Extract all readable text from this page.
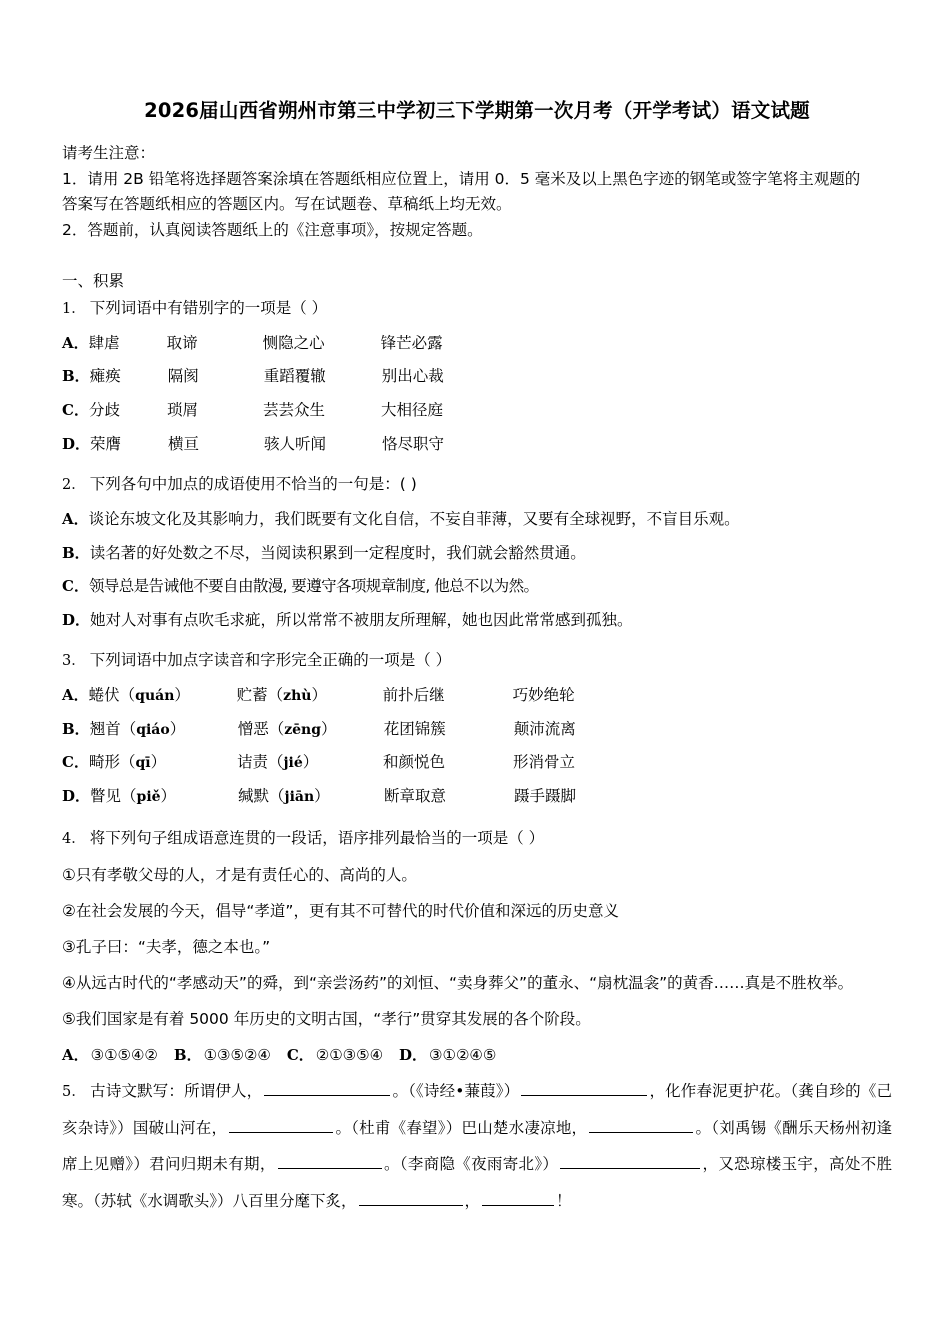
2026届山西省朔州市第三中学初三下学期第一次月考（开学考试）语文试题

请考生注意：

1．请用 2B 铅笔将选择题答案涂填在答题纸相应位置上，请用 0．5 毫米及以上黑色字迹的钢笔或签字笔将主观题的

答案写在答题纸相应的答题区内。写在试题卷、草稿纸上均无效。

2．答题前，认真阅读答题纸上的《注意事项》，按规定答题。

一、积累

1． 下列词语中有错别字的一项是（ ）

A．肆虐	取谛	恻隐之心	锋芒必露

B．瘫痪	隔阂	重蹈覆辙	别出心裁

C．分歧	琐屑	芸芸众生	大相径庭

D．荣膺	横亘	骇人听闻	恪尽职守

2． 下列各句中加点的成语使用不恰当的一句是：( )

A．谈论东坡文化及其影响力，我们既要有文化自信，不妄自菲薄，又要有全球视野，不盲目乐观。

B．读名著的好处数之不尽，当阅读积累到一定程度时，我们就会豁然贯通。

C．领导总是告诫他不要自由散漫, 要遵守各项规章制度, 他总不以为然。

D．她对人对事有点吹毛求疵，所以常常不被朋友所理解，她也因此常常感到孤独。

3． 下列词语中加点字读音和字形完全正确的一项是（ ）

A．蜷伏（quán）	贮蓄（zhù）	前扑后继	巧妙绝轮

B．翘首（qiáo）	憎恶（zēng）	花团锦簇	颠沛流离

C．畸形（qī）	诘责（jié）	和颜悦色	形消骨立

D．瞥见（piě）	缄默（jiān）	断章取意	蹑手蹑脚

4． 将下列句子组成语意连贯的一段话，语序排列最恰当的一项是（ ）

①只有孝敬父母的人，才是有责任心的、高尚的人。

②在社会发展的今天，倡导“孝道”，更有其不可替代的时代价值和深远的历史意义

③孔子曰：“夫孝，德之本也。”

④从远古时代的“孝感动天”的舜，到“亲尝汤药”的刘恒、“卖身葬父”的董永、“扇枕温衾”的黄香……真是不胜枚举。

⑤我们国家是有着 5000 年历史的文明古国，“孝行”贯穿其发展的各个阶段。

A． ③①⑤④② B． ①③⑤②④ C． ②①③⑤④ D． ③①②④⑤

5． 古诗文默写：所谓伊人，	。（《诗经•蒹葭》）	，化作春泥更护花。（龚自珍的《己亥杂诗》）国破山河在，	。（杜甫《春望》）巴山楚水凄凉地，	。（刘禹锡《酬乐天杨州初逢席上见赠》）君问归期未有期，	。（李商隐《夜雨寄北》）	，又恐琼楼玉宇，高处不胜寒。（苏轼《水调歌头》）八百里分麾下炙，	，	！
